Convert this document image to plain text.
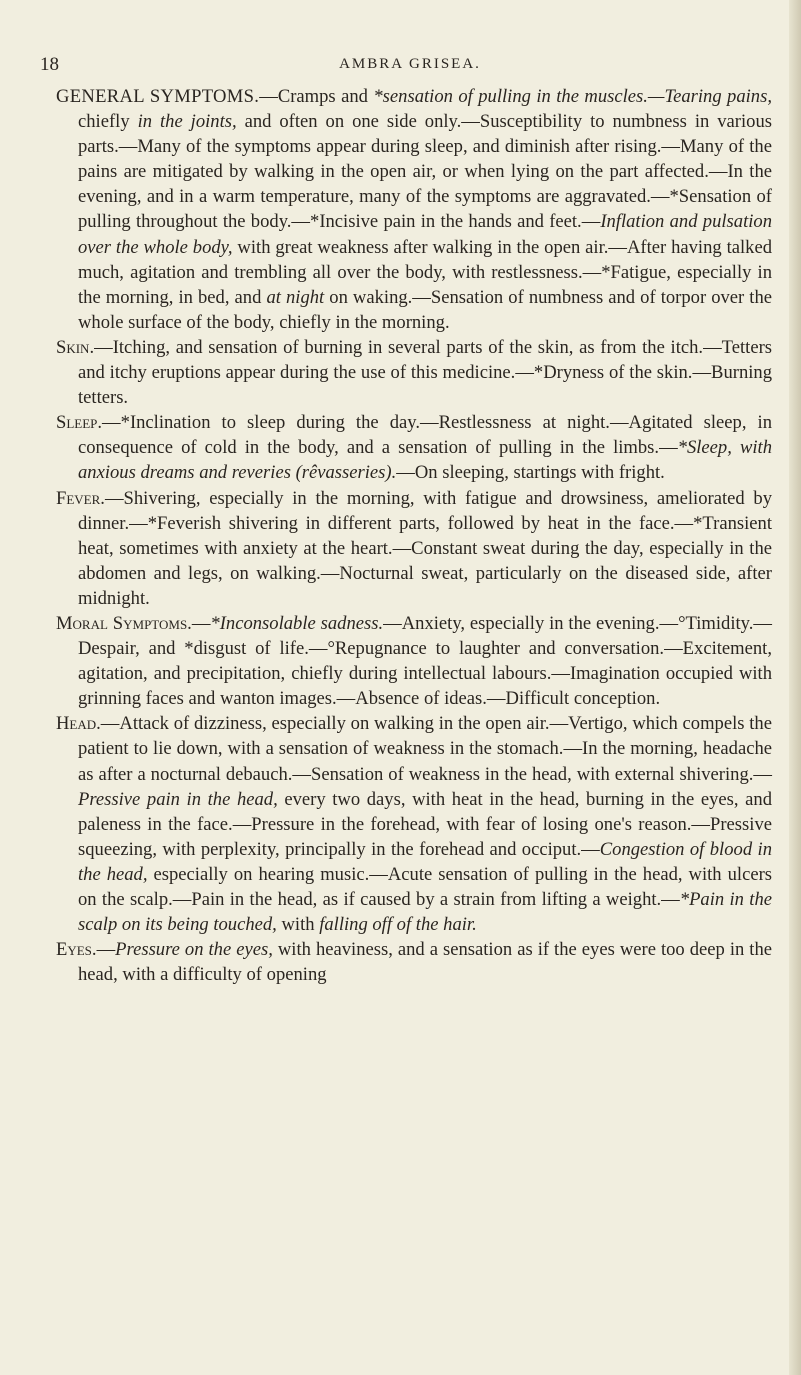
18	AMBRA GRISEA.

GENERAL SYMPTOMS.—Cramps and *sensation of pulling in the muscles.—Tearing pains, chiefly in the joints, and often on one side only.—Susceptibility to numbness in various parts.—Many of the symptoms appear during sleep, and diminish after rising.—Many of the pains are mitigated by walking in the open air, or when lying on the part affected.—In the evening, and in a warm temperature, many of the symptoms are aggravated.—*Sensation of pulling throughout the body.—*Incisive pain in the hands and feet.—Inflation and pulsation over the whole body, with great weakness after walking in the open air.—After having talked much, agitation and trembling all over the body, with restlessness.—*Fatigue, especially in the morning, in bed, and at night on waking.—Sensation of numbness and of torpor over the whole surface of the body, chiefly in the morning.

Skin.—Itching, and sensation of burning in several parts of the skin, as from the itch.—Tetters and itchy eruptions appear during the use of this medicine.—*Dryness of the skin.—Burning tetters.

Sleep.—*Inclination to sleep during the day.—Restlessness at night.—Agitated sleep, in consequence of cold in the body, and a sensation of pulling in the limbs.—*Sleep, with anxious dreams and reveries (rêvasseries).—On sleeping, startings with fright.

Fever.—Shivering, especially in the morning, with fatigue and drowsiness, ameliorated by dinner.—*Feverish shivering in different parts, followed by heat in the face.—*Transient heat, sometimes with anxiety at the heart.—Constant sweat during the day, especially in the abdomen and legs, on walking.—Nocturnal sweat, particularly on the diseased side, after midnight.

Moral Symptoms.—*Inconsolable sadness.—Anxiety, especially in the evening.—°Timidity.—Despair, and *disgust of life.—°Repugnance to laughter and conversation.—Excitement, agitation, and precipitation, chiefly during intellectual labours.—Imagination occupied with grinning faces and wanton images.—Absence of ideas.—Difficult conception.

Head.—Attack of dizziness, especially on walking in the open air.—Vertigo, which compels the patient to lie down, with a sensation of weakness in the stomach.—In the morning, headache as after a nocturnal debauch.—Sensation of weakness in the head, with external shivering.—Pressive pain in the head, every two days, with heat in the head, burning in the eyes, and paleness in the face.—Pressure in the forehead, with fear of losing one's reason.—Pressive squeezing, with perplexity, principally in the forehead and occiput.—Congestion of blood in the head, especially on hearing music.—Acute sensation of pulling in the head, with ulcers on the scalp.—Pain in the head, as if caused by a strain from lifting a weight.—*Pain in the scalp on its being touched, with falling off of the hair.

Eyes.—Pressure on the eyes, with heaviness, and a sensation as if the eyes were too deep in the head, with a difficulty of opening
